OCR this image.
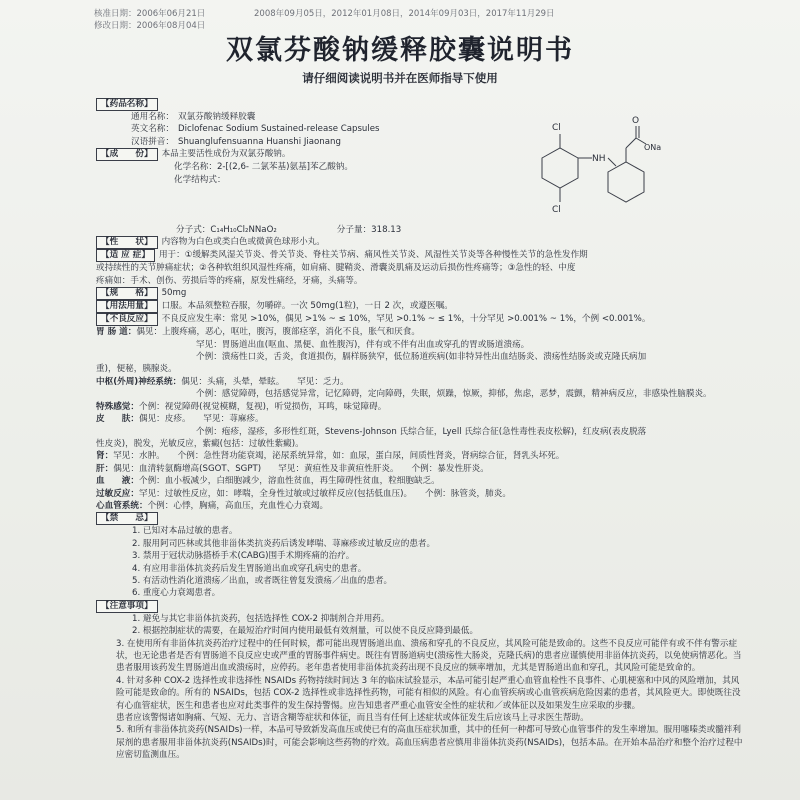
核准日期：2006年06月21日
修改日期：2006年08月04日
2008年09月05日，2012年01月08日，2014年09月03日，2017年11月29日
双氯芬酸钠缓释胶囊说明书
请仔细阅读说明书并在医师指导下使用
Cl
NH
Cl
O
ONa
【药品名称】
通用名称： 双氯芬酸钠缓释胶囊
英文名称： Diclofenac Sodium Sustained-release Capsules
汉语拼音： Shuanglufensuanna Huanshi Jiaonang
【成　　份】 本品主要活性成份为双氯芬酸钠。
化学名称：2-[(2,6- 二氯苯基)氨基]苯乙酸钠。
化学结构式：
分子式：C₁₄H₁₀Cl₂NNaO₂	分子量：318.13
【性　　状】 内容物为白色或类白色或微黄色球形小丸。
【适 应 症】 用于：①缓解类风湿关节炎、骨关节炎、脊柱关节病、痛风性关节炎、风湿性关节炎等各种慢性关节的急性发作期
或持续性的关节肿痛症状；②各种软组织风湿性疼痛，如肩痛、腱鞘炎、滑囊炎肌痛及运动后损伤性疼痛等；③急性的轻、中度
疼痛如：手术、创伤、劳损后等的疼痛，原发性痛经，牙痛，头痛等。
【规　　格】 50mg
【用法用量】 口服。本品须整粒吞服，勿嚼碎。一次 50mg(1粒)，一日 2 次，或遵医嘱。
【不良反应】 不良反应发生率：常见 >10%，偶见 >1% ~ ≤ 10%，罕见 >0.1% ~ ≤ 1%，十分罕见 >0.001% ~ 1%，个例 <0.001%。
胃 肠 道：偶见：上腹疼痛，恶心，呕吐，腹泻，腹部痉挛，消化不良，胀气和厌食。
罕见：胃肠道出血(呕血、黑便、血性腹泻)，伴有或不伴有出血或穿孔的胃或肠道溃疡。
个例：溃疡性口炎，舌炎，食道损伤，膈样肠狭窄，低位肠道疾病(如非特异性出血结肠炎、溃疡性结肠炎或克隆氏病加
重)，便秘，胰腺炎。
中枢(外周)神经系统：偶见：头痛，头晕，晕眩。　　罕见：乏力。
个例：感觉障碍，包括感觉异常，记忆障碍，定向障碍，失眠，烦躁，惊厥，抑郁，焦虑，恶梦，震颤，精神病反应，非感染性脑膜炎。
特殊感觉：个例：视觉障碍(视觉模糊，复视)，听觉损伤，耳鸣，味觉障碍。
皮　　肤：偶见：皮疹。　　罕见：荨麻疹。
个例：疱疹，湿疹，多形性红斑，Stevens-Johnson 氏综合征，Lyell 氏综合征(急性毒性表皮松解)，红皮病(表皮脱落
性皮炎)，脱发，光敏反应，紫癜(包括：过敏性紫癜)。
肾：罕见：水肿。　　个例：急性肾功能衰竭，泌尿系统异常，如：血尿，蛋白尿，间质性肾炎，肾病综合征，肾乳头坏死。
肝：偶见：血清转氨酶增高(SGOT、SGPT)　　罕见：黄疸性及非黄疸性肝炎。　　个例：暴发性肝炎。
血　　液：个例：血小板减少，白细胞减少，溶血性贫血，再生障碍性贫血，粒细胞缺乏。
过敏反应：罕见：过敏性反应，如：哮喘，全身性过敏或过敏样反应(包括低血压)。　　个例：脉管炎，肺炎。
心血管系统：个例：心悸，胸痛，高血压，充血性心力衰竭。
【禁　　忌】
1. 已知对本品过敏的患者。
2. 服用阿司匹林或其他非甾体类抗炎药后诱发哮喘、荨麻疹或过敏反应的患者。
3. 禁用于冠状动脉搭桥手术(CABG)围手术期疼痛的治疗。
4. 有应用非甾体抗炎药后发生胃肠道出血或穿孔病史的患者。
5. 有活动性消化道溃疡／出血，或者既往曾复发溃疡／出血的患者。
6. 重度心力衰竭患者。
【注意事项】
1. 避免与其它非甾体抗炎药，包括选择性 COX-2 抑制剂合并用药。
2. 根据控制症状的需要，在最短治疗时间内使用最低有效剂量，可以使不良反应降到最低。
3. 在使用所有非甾体抗炎药治疗过程中的任何时候，都可能出现胃肠道出血、溃疡和穿孔的不良反应，其风险可能是致命的。这些不良反应可能伴有或不伴有警示症状，也无论患者是否有胃肠道不良反应史或严重的胃肠事件病史。既往有胃肠道病史(溃疡性大肠炎，克隆氏病)的患者应谨慎使用非甾体抗炎药，以免使病情恶化。当患者服用该药发生胃肠道出血或溃疡时，应停药。老年患者使用非甾体抗炎药出现不良反应的频率增加，尤其是胃肠道出血和穿孔，其风险可能是致命的。
4. 针对多种 COX-2 选择性或非选择性 NSAIDs 药物持续时间达 3 年的临床试验显示，本品可能引起严重心血管血栓性不良事件、心肌梗塞和中风的风险增加，其风险可能是致命的。所有的 NSAIDs，包括 COX-2 选择性或非选择性药物，可能有相似的风险。有心血管疾病或心血管疾病危险因素的患者，其风险更大。即使既往没有心血管症状，医生和患者也应对此类事件的发生保持警惕。应告知患者严重心血管安全性的症状和／或体征以及如果发生应采取的步骤。
患者应该警惕诸如胸痛、气短、无力、言语含糊等症状和体征，而且当有任何上述症状或体征发生后应该马上寻求医生帮助。
5. 和所有非甾体抗炎药(NSAIDs)一样，本品可导致新发高血压或使已有的高血压症状加重，其中的任何一种都可导致心血管事件的发生率增加。服用噻嗪类或髓袢利尿剂的患者服用非甾体抗炎药(NSAIDs)时，可能会影响这些药物的疗效。高血压病患者应慎用非甾体抗炎药(NSAIDs)，包括本品。在开始本品治疗和整个治疗过程中应密切监测血压。
